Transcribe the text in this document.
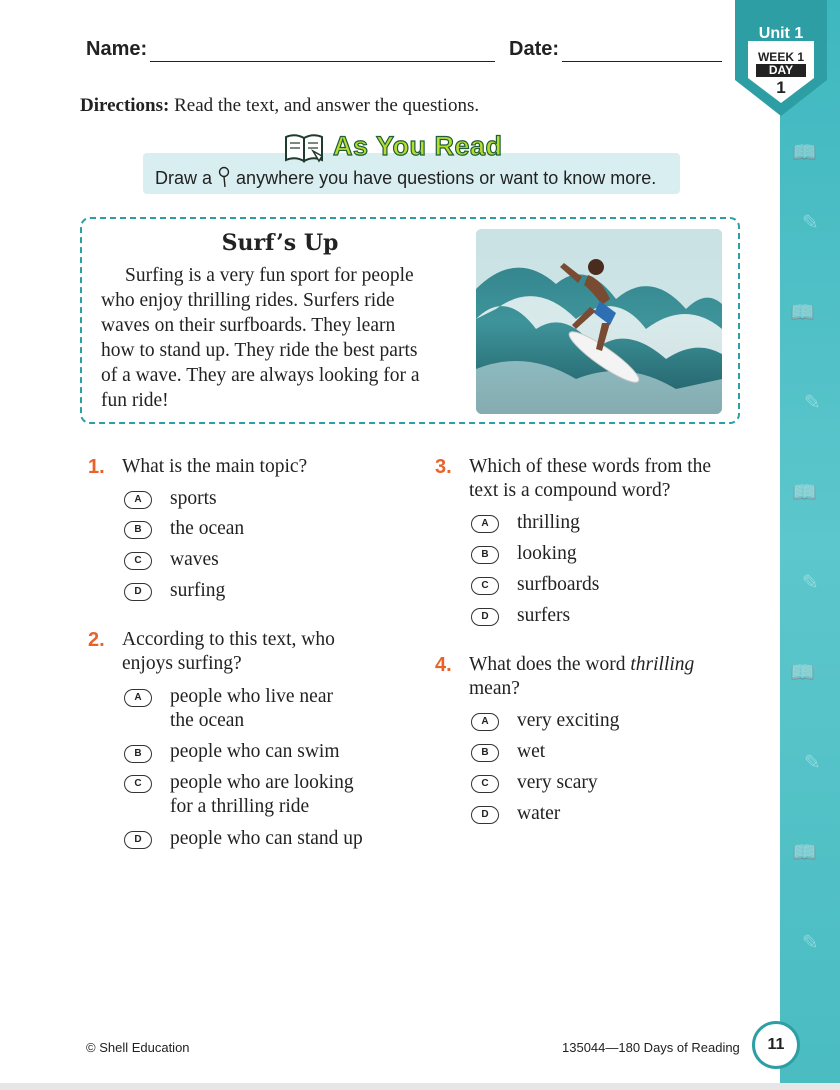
📖
✎
📖
✎
📖
✎
📖
✎
📖
✎
Unit 1
WEEK 1
DAY
1
Name:	Date:
Directions: Read the text, and answer the questions.
As You Read
Draw a anywhere you have questions or want to know more.
Surf’s Up
Surfing is a very fun sport for people
who enjoy thrilling rides. Surfers ride
waves on their surfboards. They learn
how to stand up. They ride the best parts
of a wave. They are always looking for a
fun ride!
1. What is the main topic?
A	sports
B	the ocean
C	waves
D	surfing
2. According to this text, who
enjoys surfing?
A	people who live near
the ocean
B	people who can swim
C	people who are looking
for a thrilling ride
D	people who can stand up
3. Which of these words from the
text is a compound word?
A	thrilling
B	looking
C	surfboards
D	surfers
4. What does the word thrilling
mean?
A	very exciting
B	wet
C	very scary
D	water
© Shell Education	135044—180 Days of Reading	11
